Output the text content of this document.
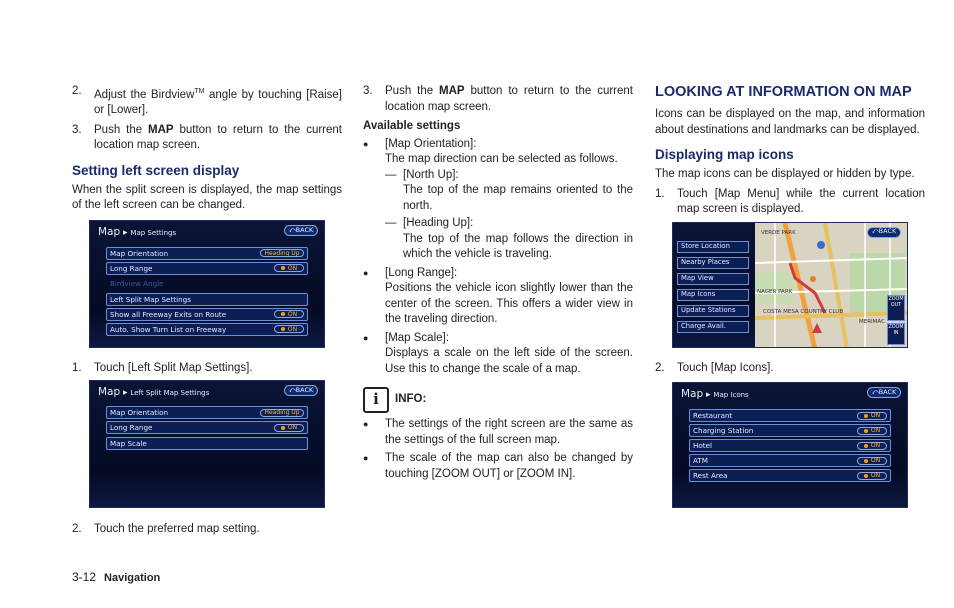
2.	Adjust the Birdview™ angle by touching [Raise] or [Lower].
3.	Push the MAP button to return to the current location map screen.
Setting left screen display
When the split screen is displayed, the map settings of the left screen can be changed.
Map ▸ Map Settings	⤺ BACK
Map Orientation	Heading Up
Long Range	ON
Birdview Angle
Left Split Map Settings
Show all Freeway Exits on Route	ON
Auto. Show Turn List on Freeway	ON
1.	Touch [Left Split Map Settings].
Map ▸ Left Split Map Settings	⤺ BACK
Map Orientation	Heading Up
Long Range	ON
Map Scale
2.	Touch the preferred map setting.
3.	Push the MAP button to return to the current location map screen.
Available settings
●	[Map Orientation]:
The map direction can be selected as follows.
— [North Up]:
The top of the map remains oriented to the north.
— [Heading Up]:
The top of the map follows the direction in which the vehicle is traveling.
●	[Long Range]:
Positions the vehicle icon slightly lower than the center of the screen. This offers a wider view in the traveling direction.
●	[Map Scale]:
Displays a scale on the left side of the screen. Use this to change the scale of a map.
i	INFO:
●	The settings of the right screen are the same as the settings of the full screen map.
●	The scale of the map can also be changed by touching [ZOOM OUT] or [ZOOM IN].
LOOKING AT INFORMATION ON MAP
Icons can be displayed on the map, and information about destinations and landmarks can be displayed.
Displaying map icons
The map icons can be displayed or hidden by type.
1.	Touch [Map Menu] while the current location map screen is displayed.
VERDE PARK
NAGER PARK
COSTA MESA COUNTRY CLUB
MERIMAC
ZOOM OUT
ZOOM IN
⤺ BACK
Store Location
Nearby Places
Map View
Map Icons
Update Stations
Charge Avail.
2.	Touch [Map Icons].
Map ▸ Map Icons	⤺ BACK
Restaurant	ON
Charging Station	ON
Hotel	ON
ATM	ON
Rest Area	ON
3-12 Navigation
